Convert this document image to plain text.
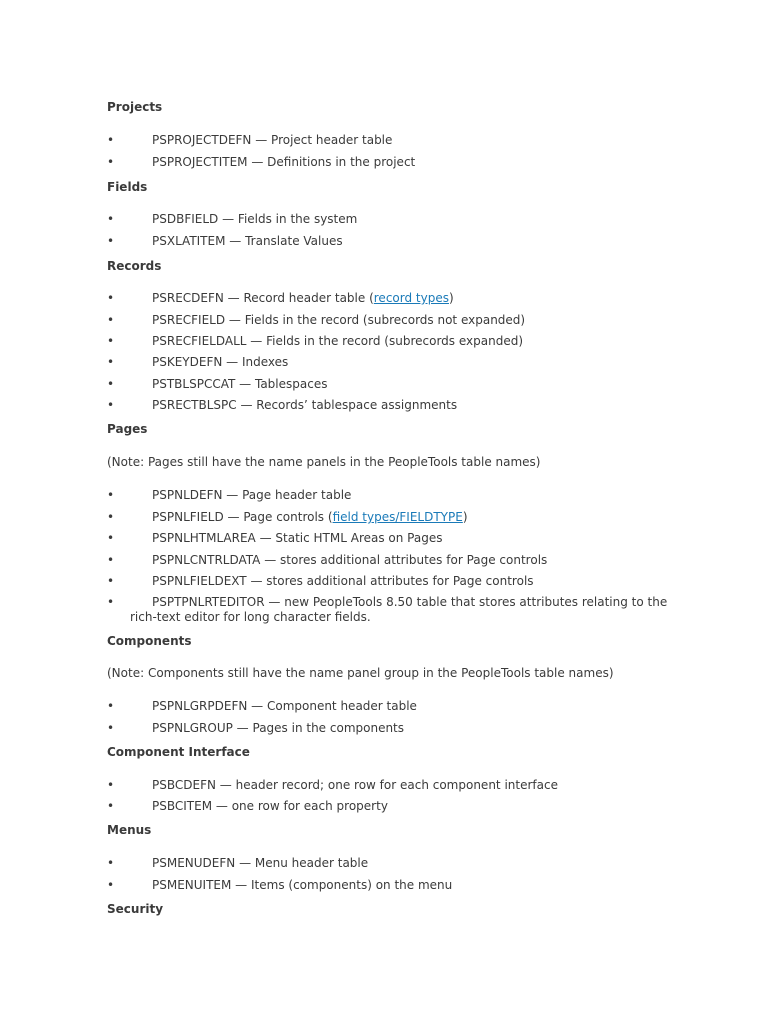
Projects
•	PSPROJECTDEFN — Project header table
•	PSPROJECTITEM — Definitions in the project
Fields
•	PSDBFIELD — Fields in the system
•	PSXLATITEM — Translate Values
Records
•	PSRECDEFN — Record header table (record types)
•	PSRECFIELD — Fields in the record (subrecords not expanded)
•	PSRECFIELDALL — Fields in the record (subrecords expanded)
•	PSKEYDEFN — Indexes
•	PSTBLSPCCAT — Tablespaces
•	PSRECTBLSPC — Records’ tablespace assignments
Pages
(Note: Pages still have the name panels in the PeopleTools table names)
•	PSPNLDEFN — Page header table
•	PSPNLFIELD — Page controls (field types/FIELDTYPE)
•	PSPNLHTMLAREA — Static HTML Areas on Pages
•	PSPNLCNTRLDATA — stores additional attributes for Page controls
•	PSPNLFIELDEXT — stores additional attributes for Page controls
•	PSPTPNLRTEDITOR — new PeopleTools 8.50 table that stores attributes relating to the
rich-text editor for long character fields.
Components
(Note: Components still have the name panel group in the PeopleTools table names)
•	PSPNLGRPDEFN — Component header table
•	PSPNLGROUP — Pages in the components
Component Interface
•	PSBCDEFN — header record; one row for each component interface
•	PSBCITEM — one row for each property
Menus
•	PSMENUDEFN — Menu header table
•	PSMENUITEM — Items (components) on the menu
Security
